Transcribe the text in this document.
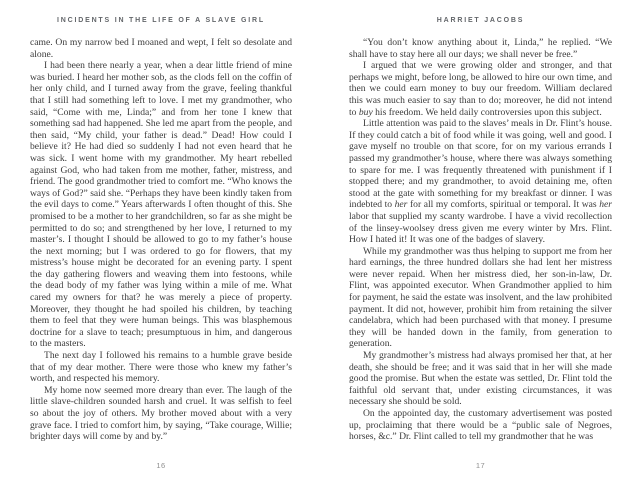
INCIDENTS IN THE LIFE OF A SLAVE GIRL

came. On my narrow bed I moaned and wept, I felt so desolate and alone.

I had been there nearly a year, when a dear little friend of mine was buried. I heard her mother sob, as the clods fell on the coffin of her only child, and I turned away from the grave, feeling thankful that I still had something left to love. I met my grandmother, who said, “Come with me, Linda;” and from her tone I knew that something sad had happened. She led me apart from the people, and then said, “My child, your father is dead.” Dead! How could I believe it? He had died so suddenly I had not even heard that he was sick. I went home with my grandmother. My heart rebelled against God, who had taken from me mother, father, mistress, and friend. The good grandmother tried to comfort me. “Who knows the ways of God?” said she. “Perhaps they have been kindly taken from the evil days to come.” Years afterwards I often thought of this. She promised to be a mother to her grandchildren, so far as she might be permitted to do so; and strengthened by her love, I returned to my master’s. I thought I should be allowed to go to my father’s house the next morning; but I was ordered to go for flowers, that my mistress’s house might be decorated for an evening party. I spent the day gathering flowers and weaving them into festoons, while the dead body of my father was lying within a mile of me. What cared my owners for that? he was merely a piece of property. Moreover, they thought he had spoiled his children, by teaching them to feel that they were human beings. This was blasphemous doctrine for a slave to teach; presumptuous in him, and dangerous to the masters.

The next day I followed his remains to a humble grave beside that of my dear mother. There were those who knew my father’s worth, and respected his memory.

My home now seemed more dreary than ever. The laugh of the little slave-children sounded harsh and cruel. It was selfish to feel so about the joy of others. My brother moved about with a very grave face. I tried to comfort him, by saying, “Take courage, Willie; brighter days will come by and by.”

16
HARRIET JACOBS

“You don’t know anything about it, Linda,” he replied. “We shall have to stay here all our days; we shall never be free.”

I argued that we were growing older and stronger, and that perhaps we might, before long, be allowed to hire our own time, and then we could earn money to buy our freedom. William declared this was much easier to say than to do; moreover, he did not intend to buy his freedom. We held daily controversies upon this subject.

Little attention was paid to the slaves’ meals in Dr. Flint’s house. If they could catch a bit of food while it was going, well and good. I gave myself no trouble on that score, for on my various errands I passed my grandmother’s house, where there was always something to spare for me. I was frequently threatened with punishment if I stopped there; and my grandmother, to avoid detaining me, often stood at the gate with something for my breakfast or dinner. I was indebted to her for all my comforts, spiritual or temporal. It was her labor that supplied my scanty wardrobe. I have a vivid recollection of the linsey-woolsey dress given me every winter by Mrs. Flint. How I hated it! It was one of the badges of slavery.

While my grandmother was thus helping to support me from her hard earnings, the three hundred dollars she had lent her mistress were never repaid. When her mistress died, her son-in-law, Dr. Flint, was appointed executor. When Grandmother applied to him for payment, he said the estate was insolvent, and the law prohibited payment. It did not, however, prohibit him from retaining the silver candelabra, which had been purchased with that money. I presume they will be handed down in the family, from generation to generation.

My grandmother’s mistress had always promised her that, at her death, she should be free; and it was said that in her will she made good the promise. But when the estate was settled, Dr. Flint told the faithful old servant that, under existing circumstances, it was necessary she should be sold.

On the appointed day, the customary advertisement was posted up, proclaiming that there would be a “public sale of Negroes, horses, &c.” Dr. Flint called to tell my grandmother that he was

17
